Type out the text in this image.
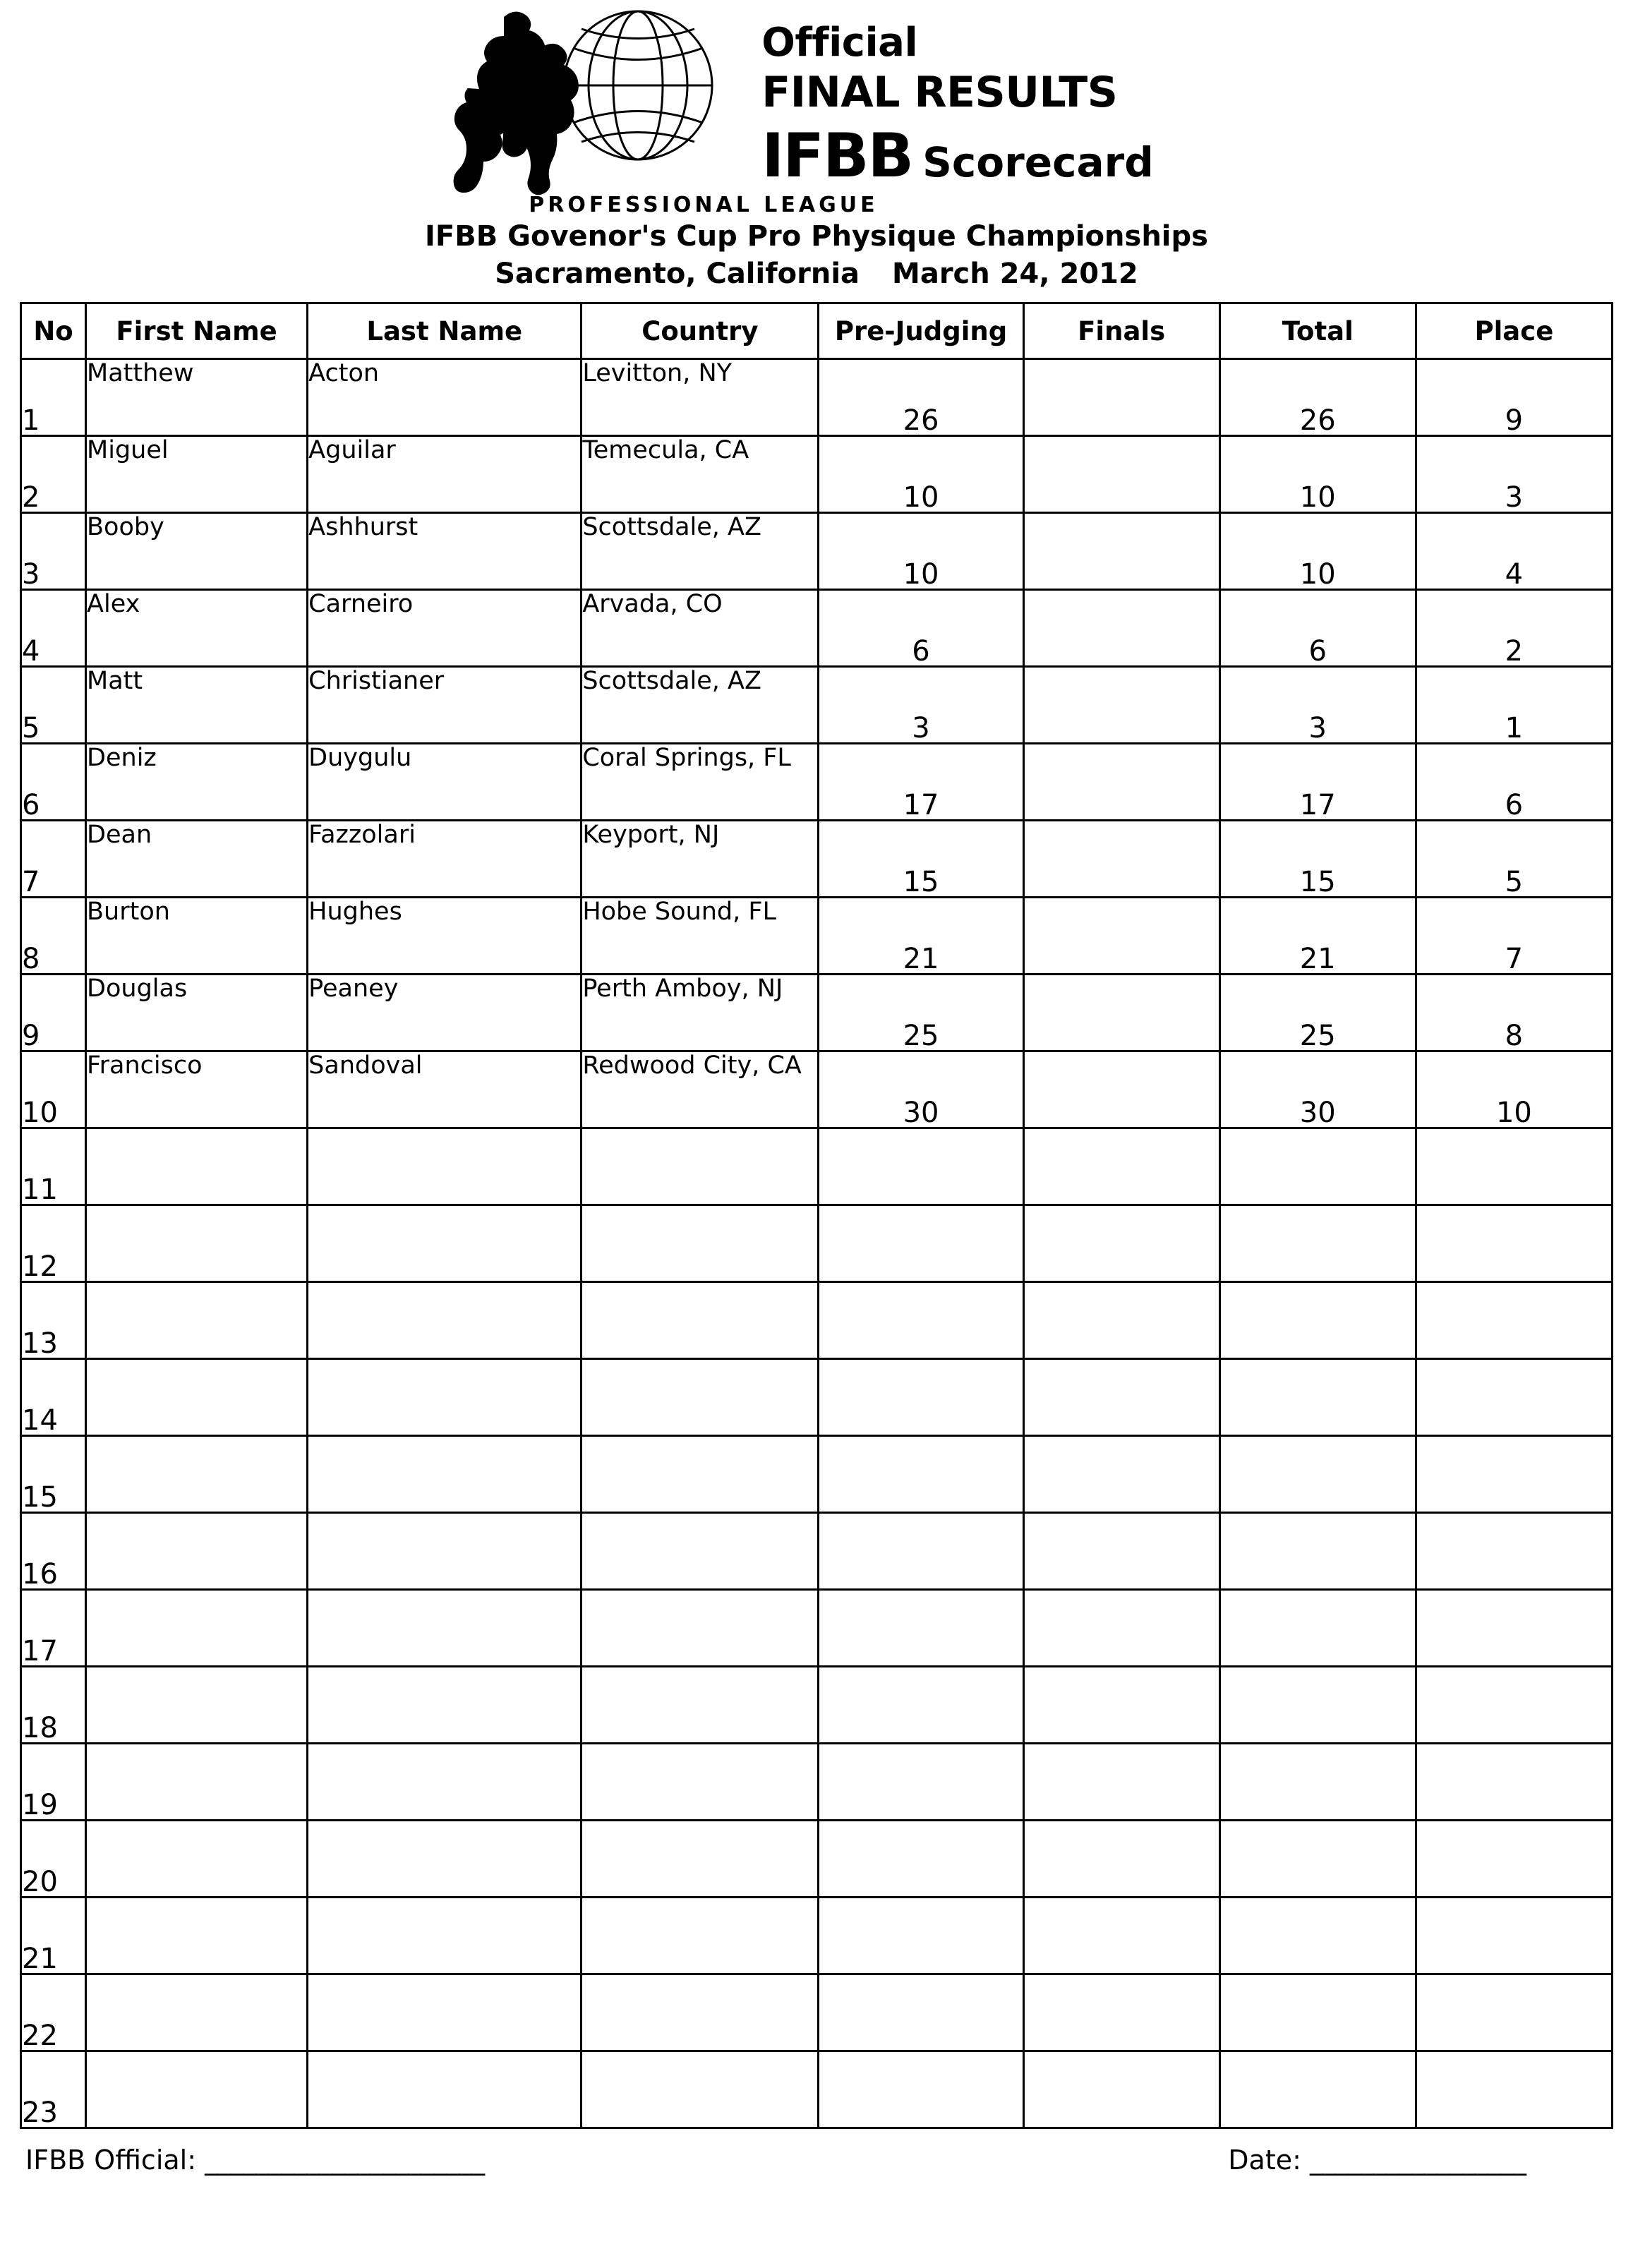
Official
FINAL RESULTS
IFBB Scorecard
PROFESSIONAL LEAGUE
IFBB Govenor's Cup Pro Physique Championships
Sacramento, California March 24, 2012
No	First Name	Last Name	Country	Pre-Judging	Finals	Total	Place
1	Matthew	Acton	Levitton, NY	26		26	9
2	Miguel	Aguilar	Temecula, CA	10		10	3
3	Booby	Ashhurst	Scottsdale, AZ	10		10	4
4	Alex	Carneiro	Arvada, CO	6		6	2
5	Matt	Christianer	Scottsdale, AZ	3		3	1
6	Deniz	Duygulu	Coral Springs, FL	17		17	6
7	Dean	Fazzolari	Keyport, NJ	15		15	5
8	Burton	Hughes	Hobe Sound, FL	21		21	7
9	Douglas	Peaney	Perth Amboy, NJ	25		25	8
10	Francisco	Sandoval	Redwood City, CA	30		30	10
11							
12							
13							
14							
15							
16							
17							
18							
19							
20							
21							
22							
23							
IFBB Official: ______________________	Date: _________________
